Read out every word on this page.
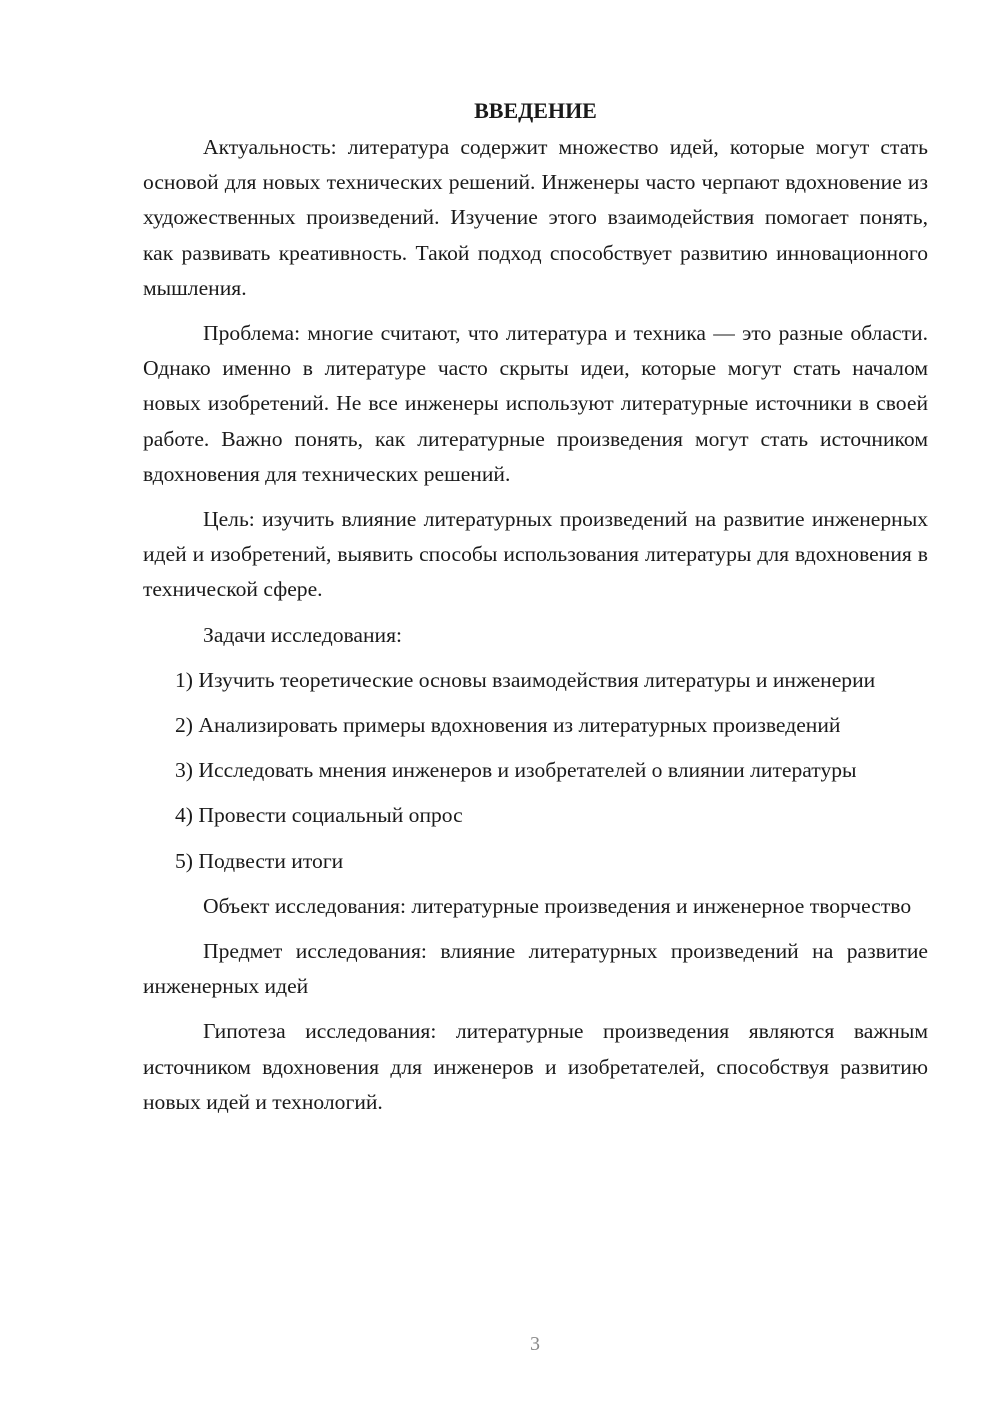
ВВЕДЕНИЕ

Актуальность: литература содержит множество идей, которые могут стать основой для новых технических решений. Инженеры часто черпают вдохновение из художественных произведений. Изучение этого взаимодействия помогает понять, как развивать креативность. Такой подход способствует развитию инновационного мышления.

Проблема: многие считают, что литература и техника — это разные области. Однако именно в литературе часто скрыты идеи, которые могут стать началом новых изобретений. Не все инженеры используют литературные источники в своей работе. Важно понять, как литературные произведения могут стать источником вдохновения для технических решений.

Цель: изучить влияние литературных произведений на развитие инженерных идей и изобретений, выявить способы использования литературы для вдохновения в технической сфере.

Задачи исследования:

1) Изучить теоретические основы взаимодействия литературы и инженерии

2) Анализировать примеры вдохновения из литературных произведений

3) Исследовать мнения инженеров и изобретателей о влиянии литературы

4) Провести социальный опрос

5) Подвести итоги

Объект исследования: литературные произведения и инженерное творчество

Предмет исследования: влияние литературных произведений на развитие инженерных идей

Гипотеза исследования: литературные произведения являются важным источником вдохновения для инженеров и изобретателей, способствуя развитию новых идей и технологий.

3
